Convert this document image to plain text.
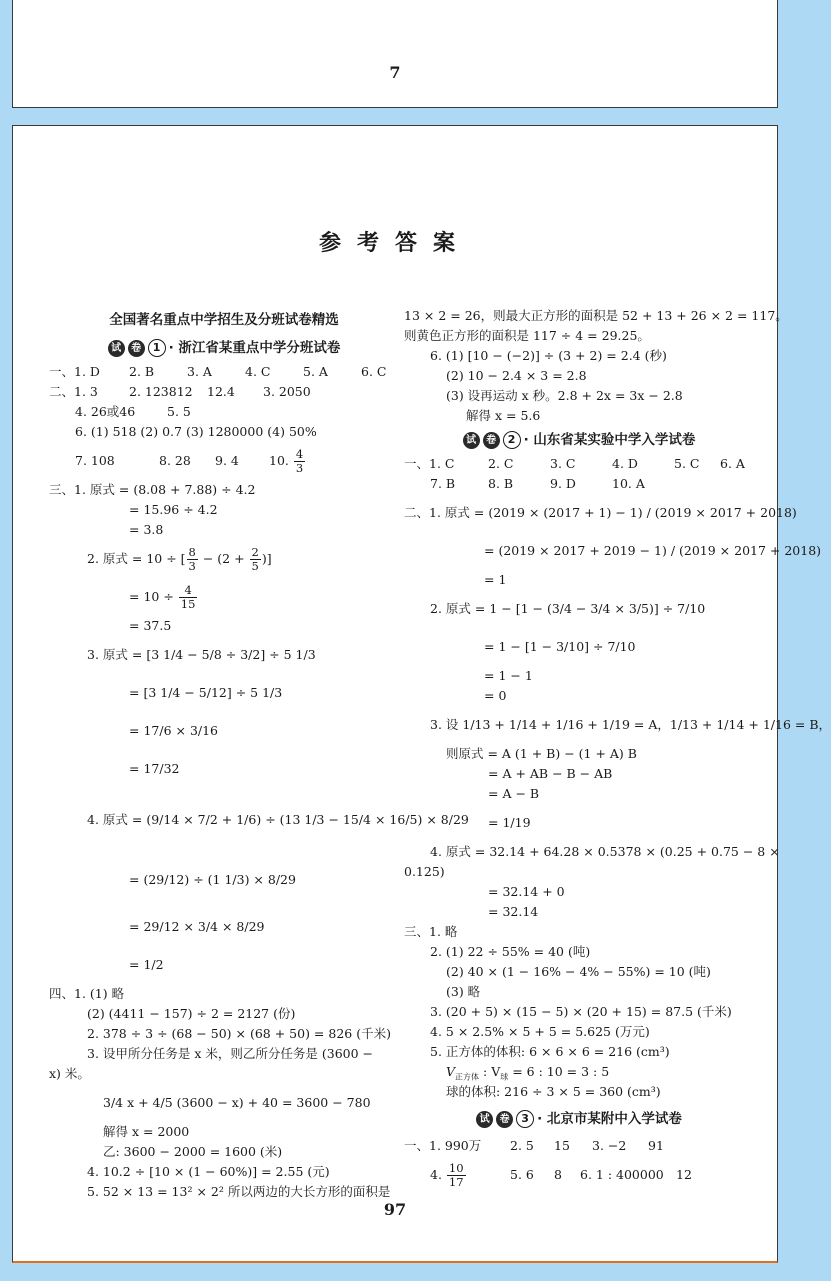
7
参考答案
全国著名重点中学招生及分班试卷精选
试 卷 1 · 浙江省某重点中学分班试卷
一、1. D 2. B	3. A	4. C	5. A	6. C
二、1. 3 2. 123812 12.4 3. 2050
4. 26或46	5. 5
6. (1) 518 (2) 0.7 (3) 1280000 (4) 50%
7. 108	8. 28 9. 4 10. $\frac{4}{3}$
三、1. 原式 = (8.08 + 7.88) ÷ 4.2
= 15.96 ÷ 4.2
= 3.8
2. 原式 = 10 ÷ [ $\frac{8}{3} - (2 + \frac{2}{5}$ )]
= $10 \div \frac{4}{15}$
= 37.5
3. 原式 = [3 1/4 − 5/8 ÷ 3/2] ÷ 5 1/3
= [3 1/4 − 5/12] ÷ 5 1/3
= 17/6 × 3/16
= 17/32
4. 原式 = (9/14 × 7/2 + 1/6) ÷ (13 1/3 − 15/4 × 16/5) × 8/29
= (29/12) ÷ (1 1/3) × 8/29
= 29/12 × 3/4 × 8/29
= 1/2
四、1. (1) 略
(2) (4411 − 157) ÷ 2 = 2127 (份)
2. 378 ÷ 3 ÷ (68 − 50) × (68 + 50) = 826 (千米)
3. 设甲所分任务是 x 米，则乙所分任务是 (3600 −
x) 米。
3/4 x + 4/5 (3600 − x) + 40 = 3600 − 780
解得 x = 2000
乙: 3600 − 2000 = 1600 (米)
4. 10.2 ÷ [10 × (1 − 60%)] = 2.55 (元)
5. 52 × 13 = 13² × 2² 所以两边的大长方形的面积是
13 × 2 = 26，则最大正方形的面积是 52 + 13 + 26 × 2 = 117。
则黄色正方形的面积是 117 ÷ 4 = 29.25。
6. (1) [10 − (−2)] ÷ (3 + 2) = 2.4 (秒)
(2) 10 − 2.4 × 3 = 2.8
(3) 设再运动 x 秒。2.8 + 2x = 3x − 2.8
解得 x = 5.6
试 卷 2 · 山东省某实验中学入学试卷
一、1. C	2. C	3. C	4. D	5. C 6. A
7. B	8. B	9. D	10. A
二、1. 原式 = (2019 × (2017 + 1) − 1) / (2019 × 2017 + 2018)
= (2019 × 2017 + 2019 − 1) / (2019 × 2017 + 2018)
= 1
2. 原式 = 1 − [1 − (3/4 − 3/4 × 3/5)] ÷ 7/10
= 1 − [1 − 3/10] ÷ 7/10
= 1 − 1
= 0
3. 设 1/13 + 1/14 + 1/16 + 1/19 = A，1/13 + 1/14 + 1/16 = B，
则原式 = A (1 + B) − (1 + A) B
= A + AB − B − AB
= A − B
= 1/19
4. 原式 = 32.14 + 64.28 × 0.5378 × (0.25 + 0.75 − 8 ×
0.125)
= 32.14 + 0
= 32.14
三、1. 略
2. (1) 22 ÷ 55% = 40 (吨)
(2) 40 × (1 − 16% − 4% − 55%) = 10 (吨)
(3) 略
3. (20 + 5) × (15 − 5) × (20 + 15) = 87.5 (千米)
4. 5 × 2.5% × 5 + 5 = 5.625 (万元)
5. 正方体的体积: 6 × 6 × 6 = 216 (cm³)
$V_{正方体}$ : $V_球 = 6$ : 10 = 3 : 5
球的体积: 216 ÷ 3 × 5 = 360 (cm³)
试 卷 3 · 北京市某附中入学试卷
一、1. 990万 2. 5 15 3. −2 91
4. $\frac{10}{17}$	5. 6 8 6. 1 : 400000 12
97
